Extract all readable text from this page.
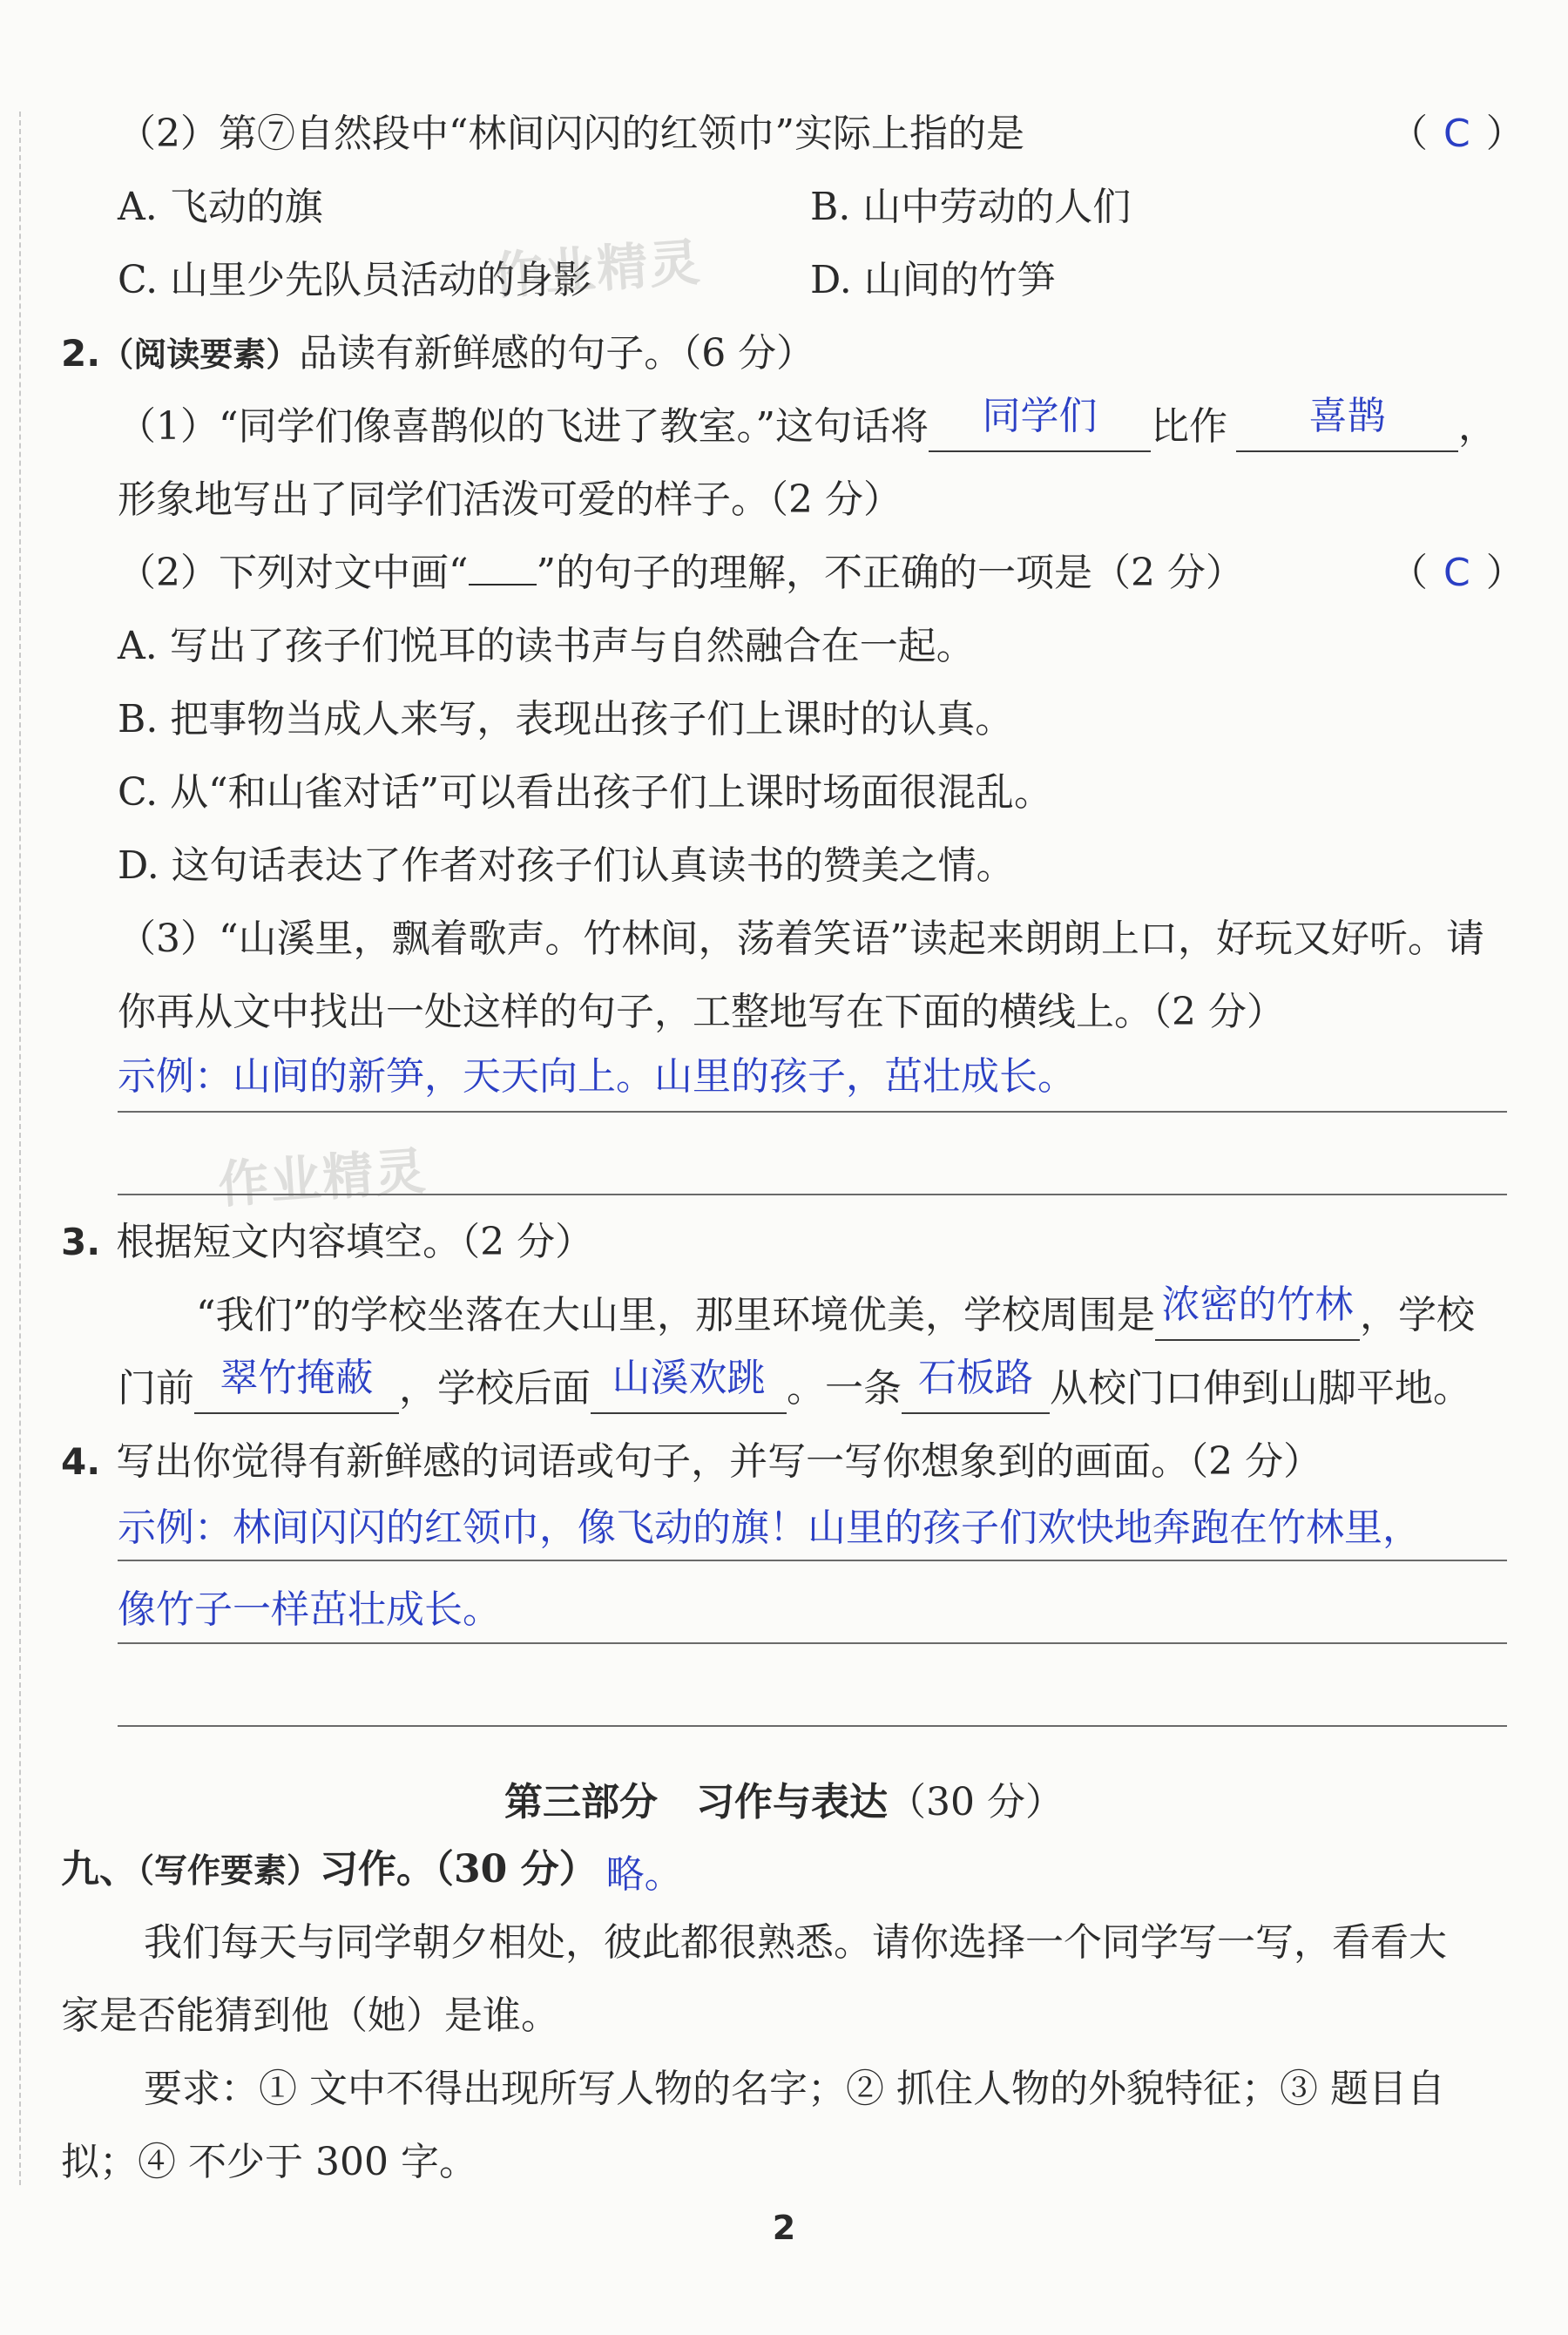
（2）第⑦自然段中“林间闪闪的红领巾”实际上指的是	（ C ）
A. 飞动的旗	B. 山中劳动的人们
C. 山里少先队员活动的身影	D. 山间的竹笋
作业精灵
2.（阅读要素）品读有新鲜感的句子。（6 分）
（1）“同学们像喜鹊似的飞进了教室。”这句话将 同学们 比作 喜鹊 ，
形象地写出了同学们活泼可爱的样子。（2 分）
（2）下列对文中画“ ”的句子的理解，不正确的一项是（2 分）	（ C ）
A. 写出了孩子们悦耳的读书声与自然融合在一起。
B. 把事物当成人来写，表现出孩子们上课时的认真。
C. 从“和山雀对话”可以看出孩子们上课时场面很混乱。
D. 这句话表达了作者对孩子们认真读书的赞美之情。
（3）“山溪里，飘着歌声。竹林间，荡着笑语”读起来朗朗上口，好玩又好听。请
你再从文中找出一处这样的句子，工整地写在下面的横线上。（2 分）
示例：山间的新笋，天天向上。山里的孩子，茁壮成长。
作业精灵
3. 根据短文内容填空。（2 分）
“我们”的学校坐落在大山里，那里环境优美，学校周围是 浓密的竹林 ，学校
门前 翠竹掩蔽 ，学校后面 山溪欢跳 。一条 石板路 从校门口伸到山脚平地。
4. 写出你觉得有新鲜感的词语或句子，并写一写你想象到的画面。（2 分）
示例：林间闪闪的红领巾，像飞动的旗！山里的孩子们欢快地奔跑在竹林里，
像竹子一样茁壮成长。
第三部分　习作与表达（30 分）
九、（写作要素）习作。（30 分） 略。
我们每天与同学朝夕相处，彼此都很熟悉。请你选择一个同学写一写，看看大
家是否能猜到他（她）是谁。
要求：① 文中不得出现所写人物的名字；② 抓住人物的外貌特征；③ 题目自
拟；④ 不少于 300 字。
2
